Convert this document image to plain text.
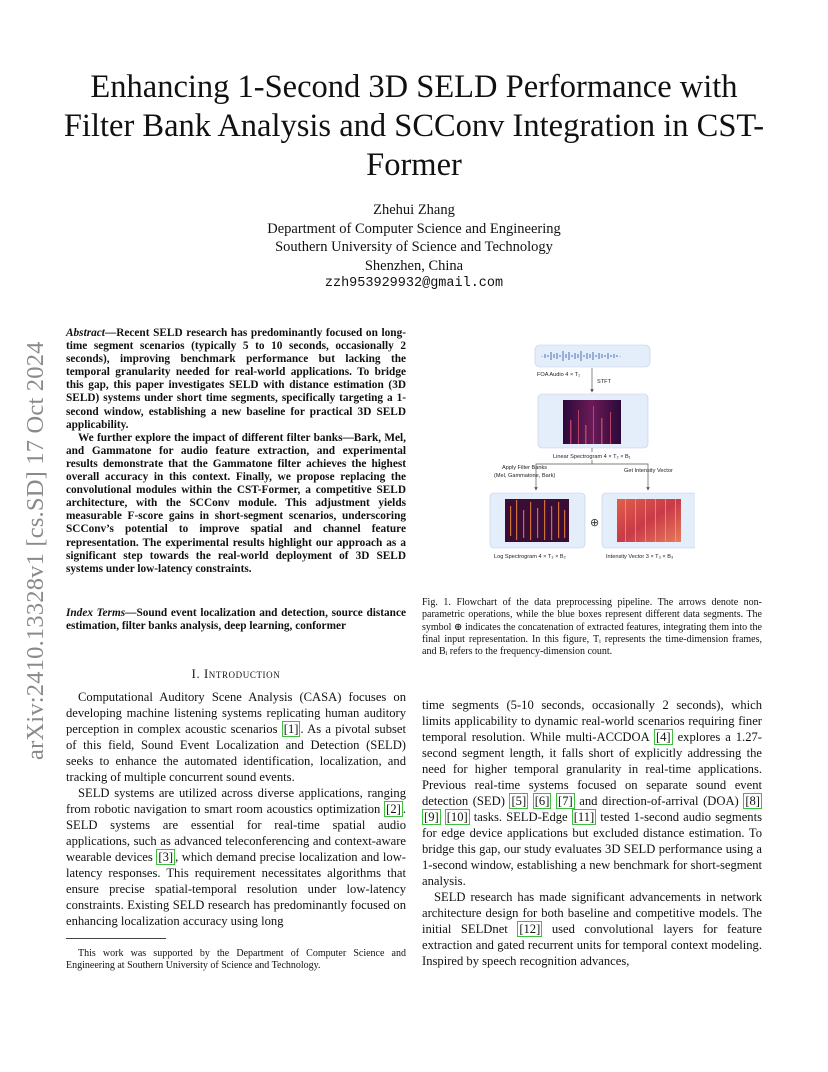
arXiv:2410.13328v1 [cs.SD] 17 Oct 2024
Enhancing 1-Second 3D SELD Performance with Filter Bank Analysis and SCConv Integration in CST-Former
Zhehui Zhang
Department of Computer Science and Engineering
Southern University of Science and Technology
Shenzhen, China
zzh953929932@gmail.com

Abstract—Recent SELD research has predominantly focused on long-time segment scenarios (typically 5 to 10 seconds, occasionally 2 seconds), improving benchmark performance but lacking the temporal granularity needed for real-world applications. To bridge this gap, this paper investigates SELD with distance estimation (3D SELD) systems under short time segments, specifically targeting a 1-second window, establishing a new baseline for practical 3D SELD applicability.

We further explore the impact of different filter banks—Bark, Mel, and Gammatone for audio feature extraction, and experimental results demonstrate that the Gammatone filter achieves the highest overall accuracy in this context. Finally, we propose replacing the convolutional modules within the CST-Former, a competitive SELD architecture, with the SCConv module. This adjustment yields measurable F-score gains in short-segment scenarios, underscoring SCConv’s potential to improve spatial and channel feature representation. The experimental results highlight our approach as a significant step towards the real-world deployment of 3D SELD systems under low-latency constraints.

Index Terms—Sound event localization and detection, source distance estimation, filter banks analysis, deep learning, conformer
I. Introduction

Computational Auditory Scene Analysis (CASA) focuses on developing machine listening systems replicating human auditory perception in complex acoustic scenarios [1] . As a pivotal subset of this field, Sound Event Localization and Detection (SELD) seeks to enhance the automated identification, localization, and tracking of multiple concurrent sound events.

SELD systems are utilized across diverse applications, ranging from robotic navigation to smart room acoustics optimization [2] . SELD systems are essential for real-time spatial audio applications, such as advanced teleconferencing and context-aware wearable devices [3] , which demand precise localization and low-latency responses. This requirement necessitates algorithms that ensure precise spatial-temporal resolution under low-latency constraints. Existing SELD research has predominantly focused on enhancing localization accuracy using long

This work was supported by the Department of Computer Science and Engineering at Southern University of Science and Technology.
FOA Audio 4 × T₁
STFT
Linear Spectrogram 4 × T₂ × B₁
Apply Filter Banks
(Mel, Gammatone, Bark)
Get Intensity Vector
⊕
Log Spectrogram 4 × T₃ × B₂	Intensity Vector 3 × T₃ × B₃
Fig. 1. Flowchart of the data preprocessing pipeline. The arrows denote non-parametric operations, while the blue boxes represent different data segments. The symbol ⊕ indicates the concatenation of extracted features, integrating them into the final input representation. In this figure, Tᵢ represents the time-dimension frames, and Bᵢ refers to the frequency-dimension count.

time segments (5-10 seconds, occasionally 2 seconds), which limits applicability to dynamic real-world scenarios requiring finer temporal resolution. While multi-ACCDOA [4] explores a 1.27-second segment length, it falls short of explicitly addressing the need for higher temporal granularity in real-time applications. Previous real-time systems focused on separate sound event detection (SED) [5] [6] [7] and direction-of-arrival (DOA) [8] [9] [10] tasks. SELD-Edge [11] tested 1-second audio segments for edge device applications but excluded distance estimation. To bridge this gap, our study evaluates 3D SELD performance using a 1-second window, establishing a new benchmark for short-segment analysis.

SELD research has made significant advancements in network architecture design for both baseline and competitive models. The initial SELDnet [12] used convolutional layers for feature extraction and gated recurrent units for temporal context modeling. Inspired by speech recognition advances,
